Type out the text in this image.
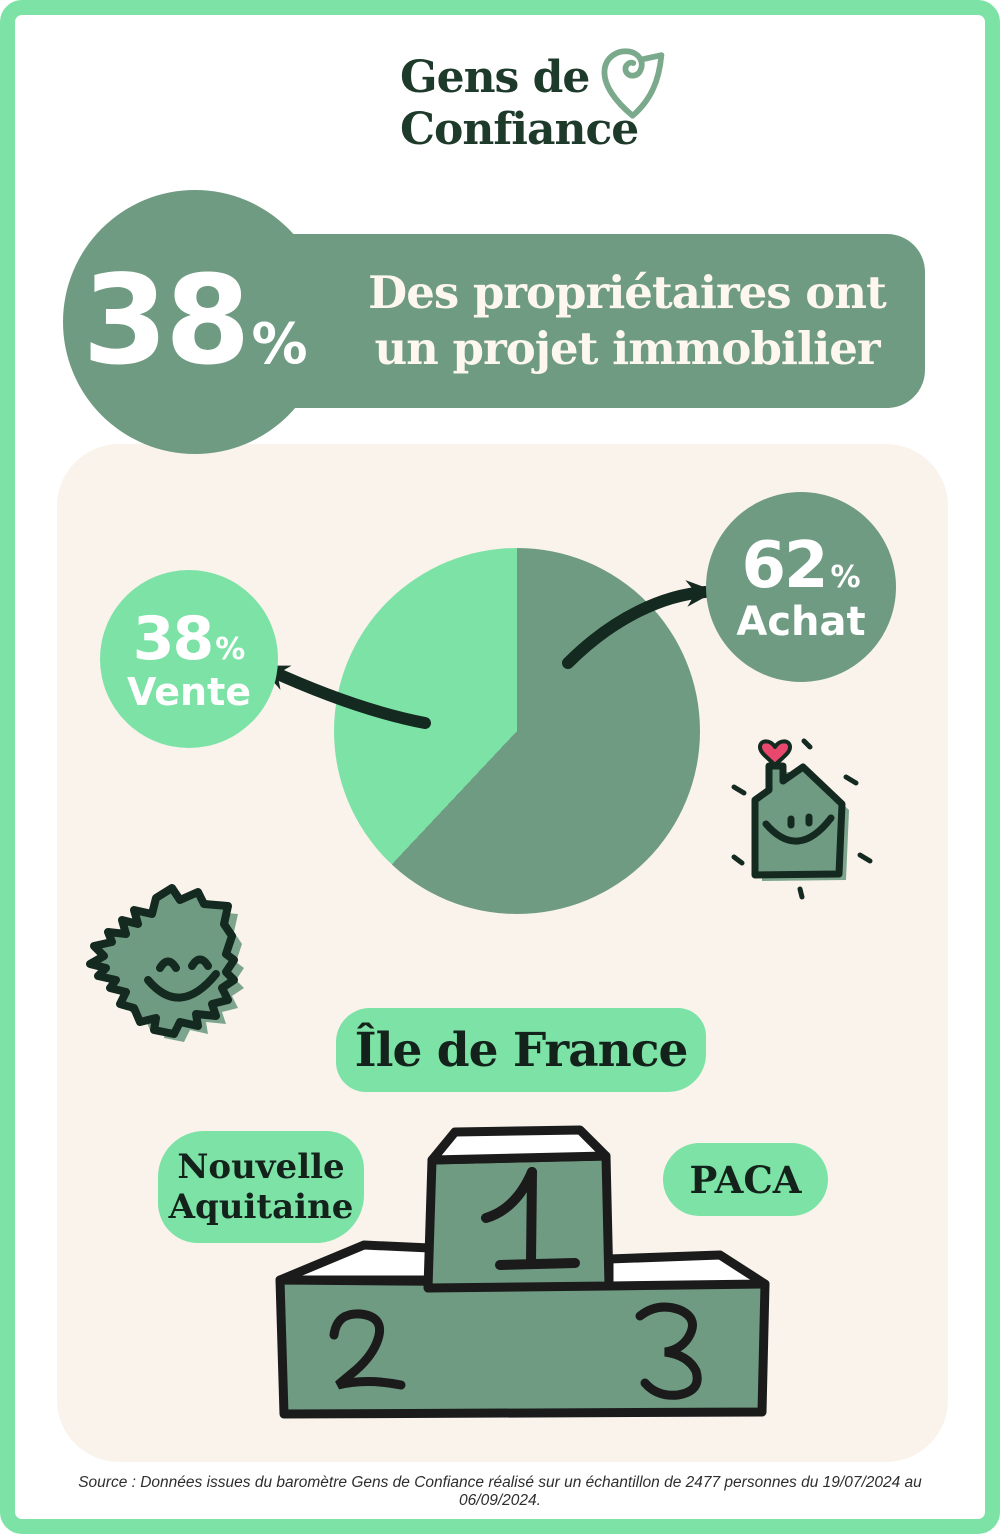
Gens de
Confiance
Des propriétaires ont
un projet immobilier
38 %
38 %
Vente
62 %
Achat
Île de France
Nouvelle
Aquitaine
PACA
Source : Données issues du baromètre Gens de Confiance réalisé sur un échantillon de 2477 personnes du 19/07/2024 au 06/09/2024.
